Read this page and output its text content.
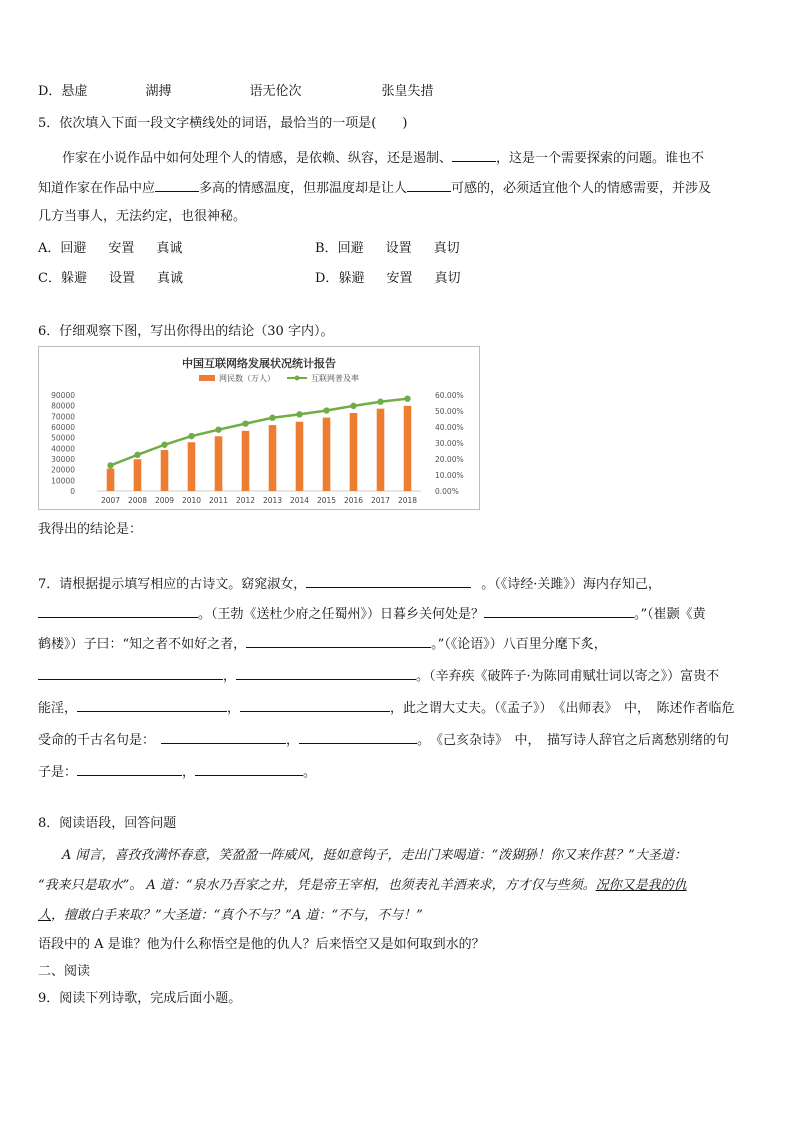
D．悬虚	湖搏	语无伦次	张皇失措
5．依次填入下面一段文字横线处的词语，最恰当的一项是(　　)
作家在小说作品中如何处理个人的情感，是依赖、纵容，还是遏制、	，这是一个需要探索的问题。谁也不
知道作家在作品中应	多高的情感温度，但那温度却是让人	可感的，必须适宜他个人的情感需要，并涉及
几方当事人，无法约定，也很神秘。
A．回避 安置 真诚	B．回避 设置 真切
C．躲避 设置 真诚	D．躲避 安置 真切
6．仔细观察下图，写出你得出的结论（30 字内）。
中国互联网络发展状况统计报告
网民数（万人）	互联网普及率
0
10000
20000
30000
40000
50000
60000
70000
80000
90000
0.00%
10.00%
20.00%
30.00%
40.00%
50.00%
60.00%
2007 2008 2009 2010 2011 2012 2013 2014 2015 2016 2017 2018
我得出的结论是：
7．请根据提示填写相应的古诗文。窈窕淑女，	。（《诗经·关雎》）海内存知己，
。（王勃《送杜少府之任蜀州》）日暮乡关何处是？	。”（崔颢《黄
鹤楼》）子曰：“知之者不如好之者，	。”（《论语》）八百里分麾下炙，
，	。（辛弃疾《破阵子·为陈同甫赋壮词以寄之》）富贵不
能淫，	，	，此之谓大丈夫。（《孟子》）　《出师表》　中，　陈述作者临危
受命的千古名句是：	，	。　《己亥杂诗》　中，　描写诗人辞官之后离愁别绪的句
子是：	，	。
8．阅读语段，回答问题
A 闻言，喜孜孜满怀春意，笑盈盈一阵威风，挺如意钩子，走出门来喝道：“泼猢狲！你又来作甚？”大圣道：
“我来只是取水”。 A 道：“泉水乃吾家之井，凭是帝王宰相，也须表礼羊酒来求，方才仅与些须。况你又是我的仇
人，擅敢白手来取？”大圣道：“真个不与？”A 道：“不与，不与！”
语段中的 A 是谁？他为什么称悟空是他的仇人？后来悟空又是如何取到水的？
二、阅读
9．阅读下列诗歌，完成后面小题。
